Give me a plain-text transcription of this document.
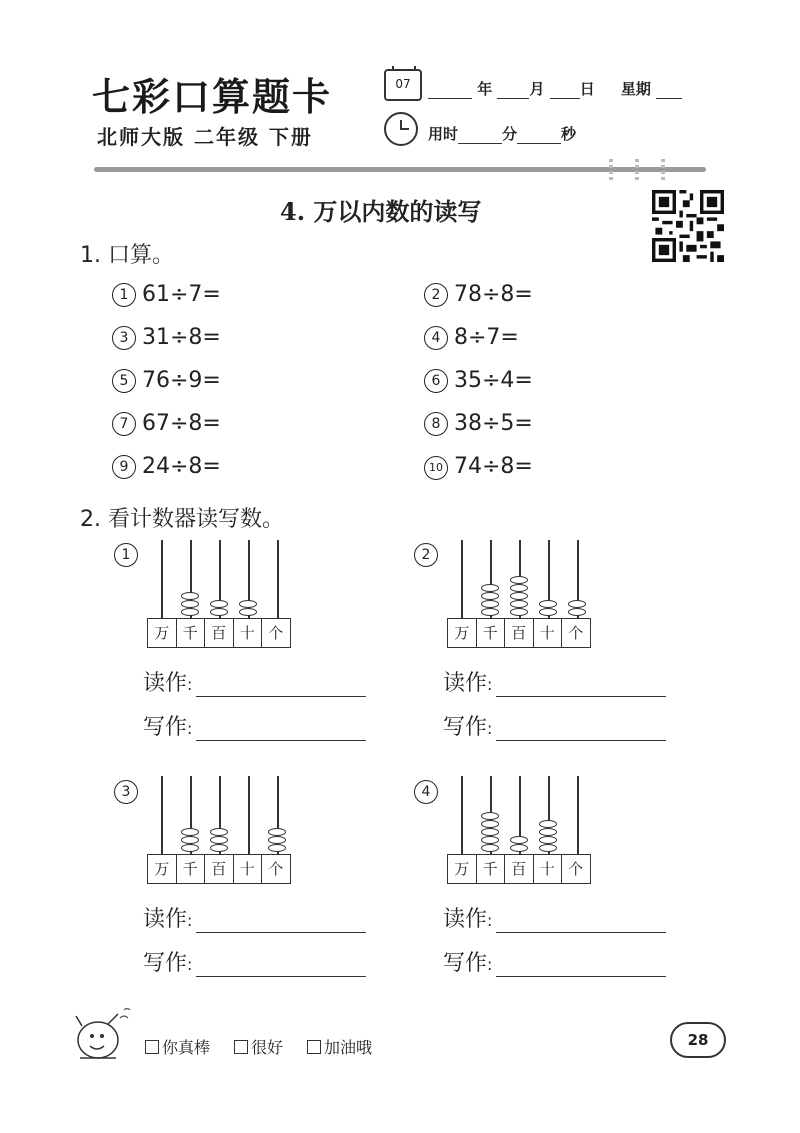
七彩口算题卡
北师大版 二年级 下册
07	年 月 日 星期
用时	分	秒
4. 万以内数的读写
1. 口算。
1 61÷7=	2 78÷8=
3 31÷8=	4 8÷7=
5 76÷9=	6 35÷4=
7 67÷8=	8 38÷5=
9 24÷8=	10 74÷8=
2. 看计数器读写数。
1
万 千 百 十 个
读作:
写作:
2
万 千 百 十 个
读作:
写作:
3
万 千 百 十 个
读作:
写作:
4
万 千 百 十 个
读作:
写作:
你真棒	很好	加油哦	28
